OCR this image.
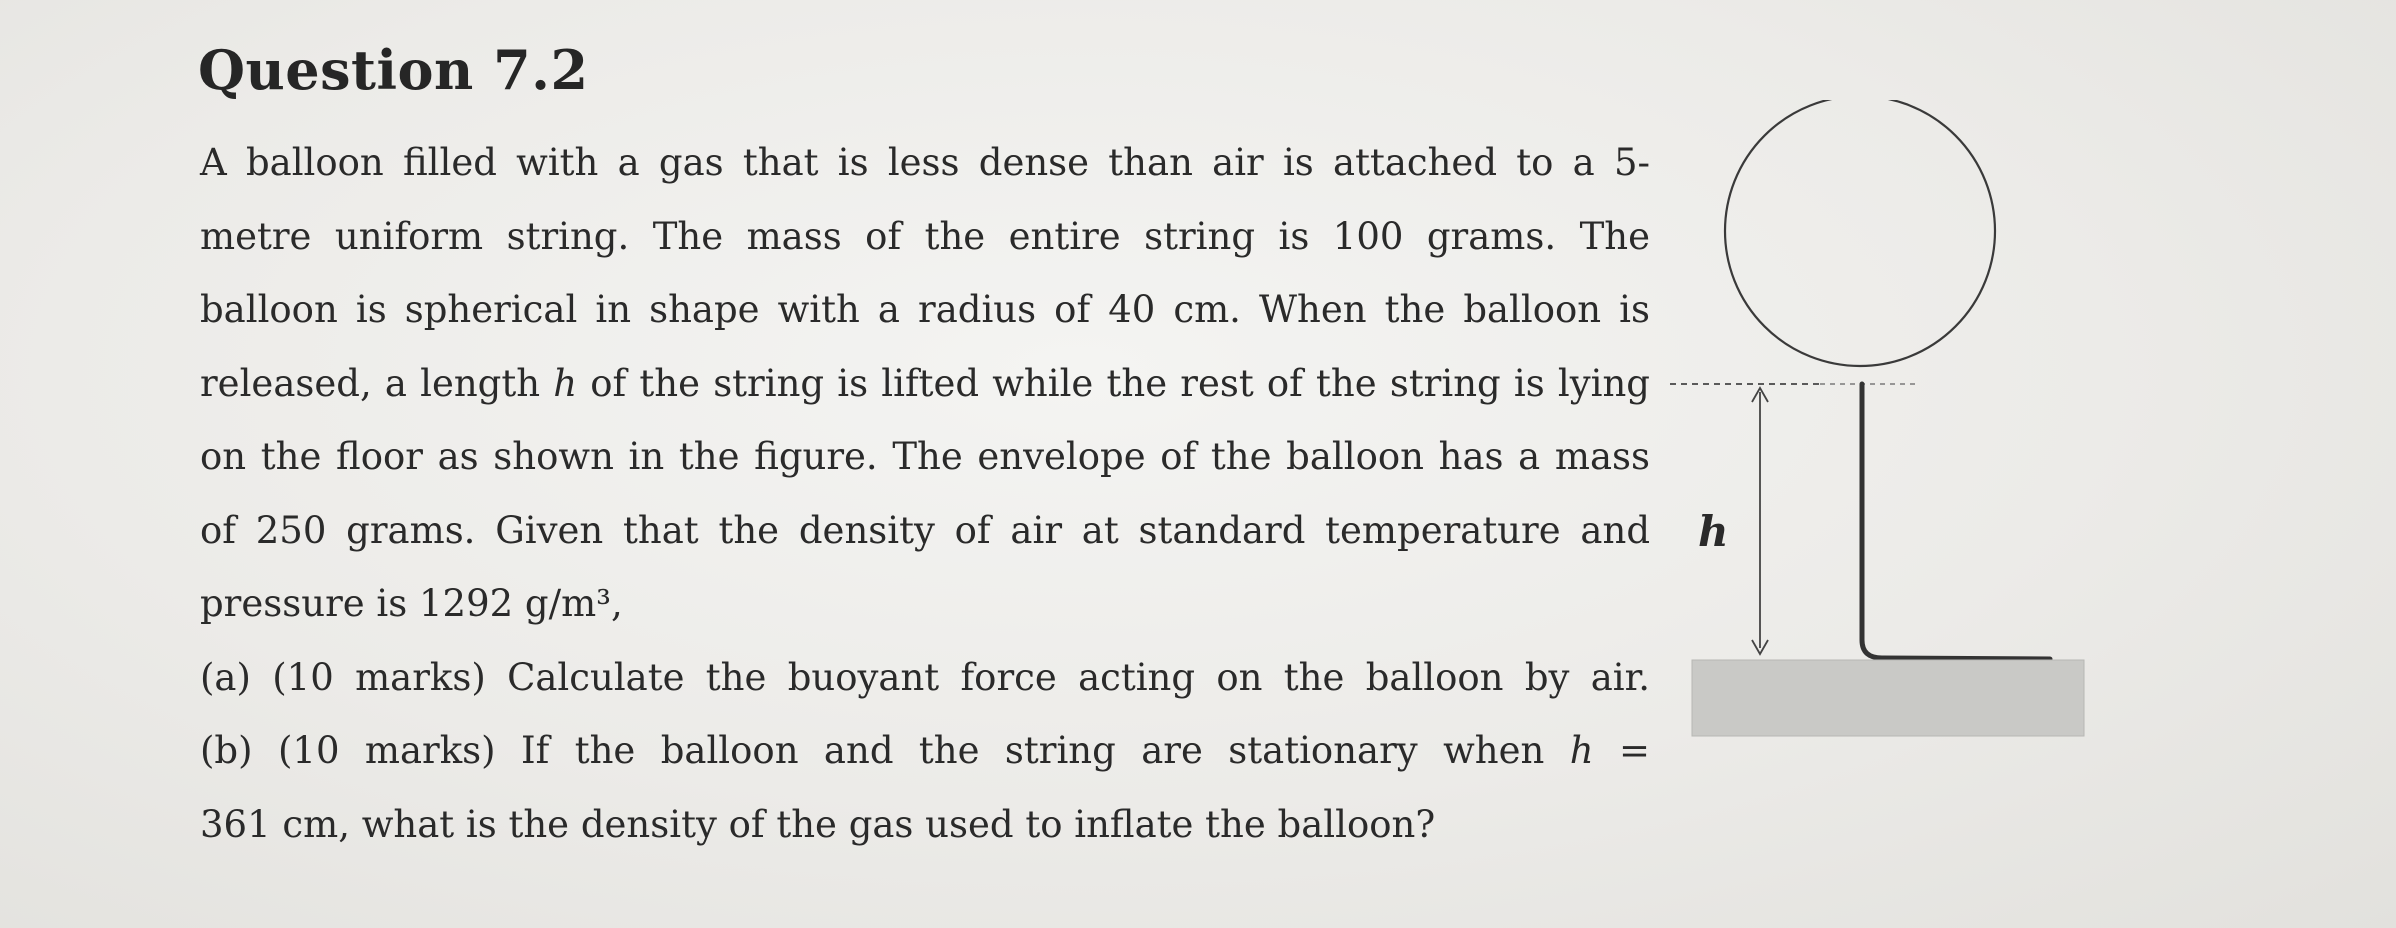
Question 7.2
A balloon filled with a gas that is less dense than air is attached to a 5-
metre uniform string. The mass of the entire string is 100 grams. The
balloon is spherical in shape with a radius of 40 cm. When the balloon is
released, a length h of the string is lifted while the rest of the string is lying
on the floor as shown in the figure. The envelope of the balloon has a mass
of 250 grams. Given that the density of air at standard temperature and
pressure is 1292 g/m³,
(a) (10 marks) Calculate the buoyant force acting on the balloon by air.
(b) (10 marks) If the balloon and the string are stationary when h =
361 cm, what is the density of the gas used to inflate the balloon?
h
